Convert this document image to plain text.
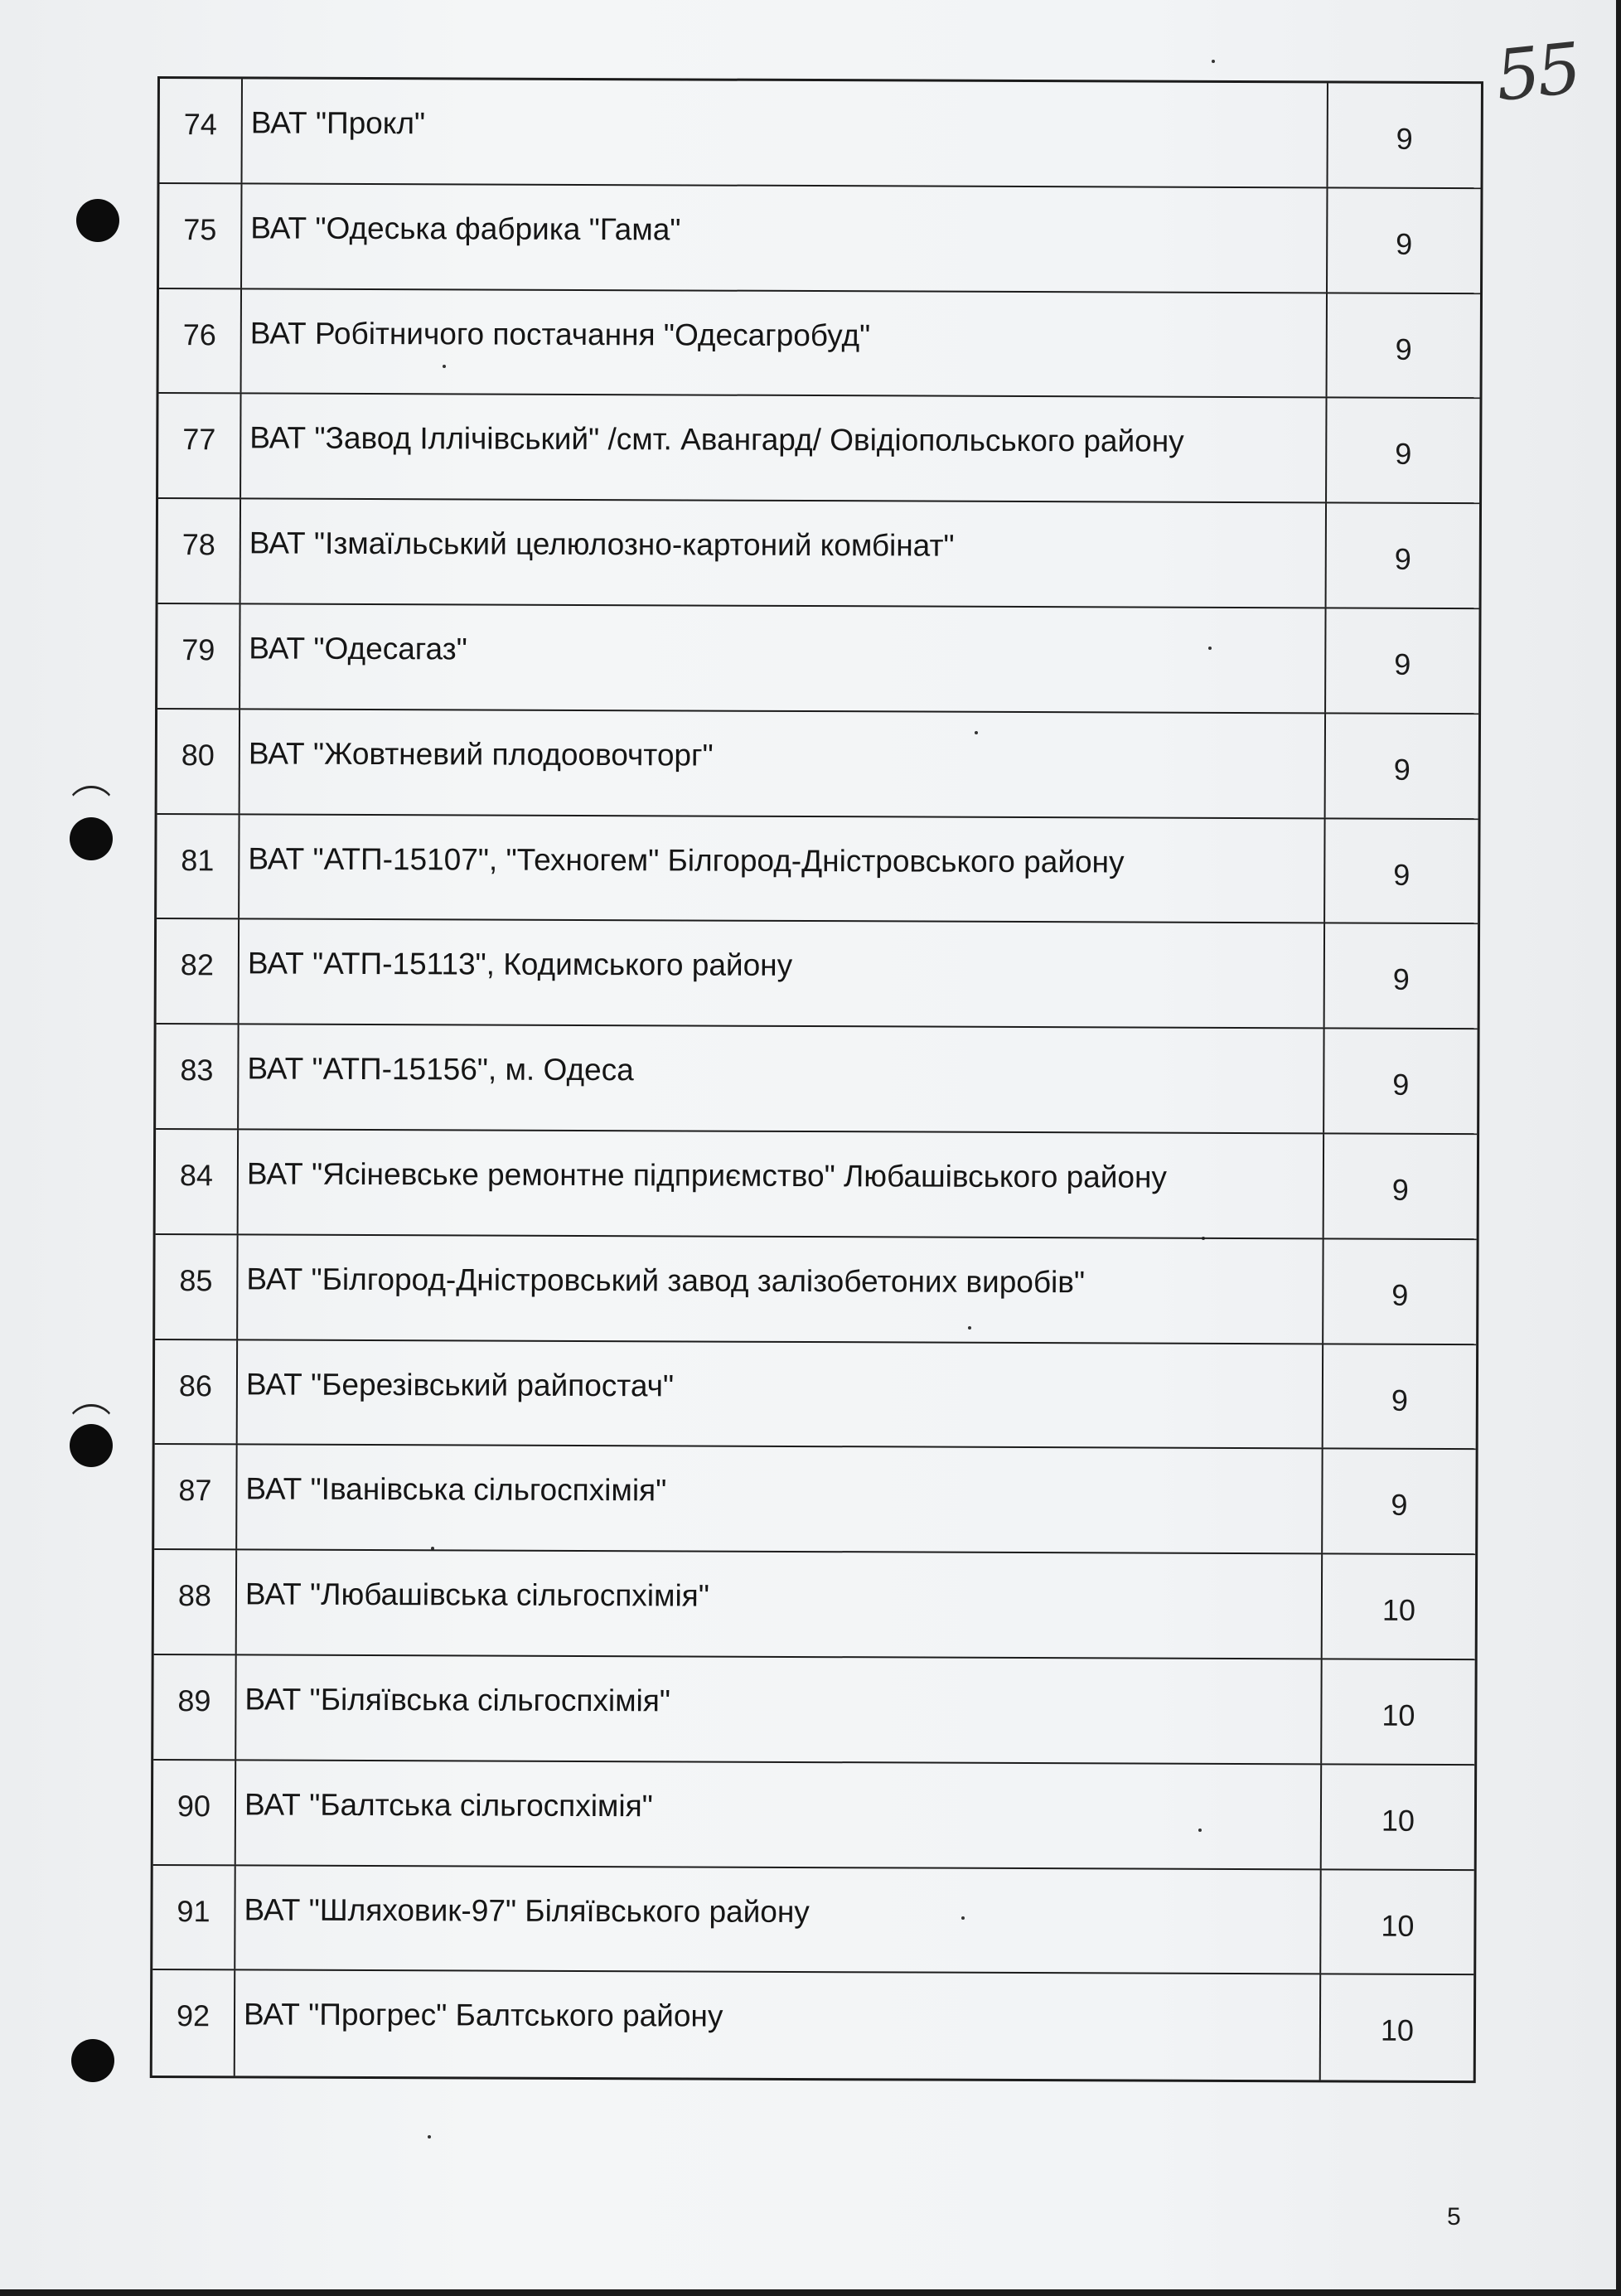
55
74	ВАТ "Прокл"	9
75	ВАТ "Одеська фабрика "Гама"	9
76	ВАТ Робітничого постачання "Одесагробуд"	9
77	ВАТ "Завод Іллічівський" /смт. Авангард/ Овідіопольського району	9
78	ВАТ "Ізмаїльський целюлозно-картоний комбінат"	9
79	ВАТ "Одесагаз"	9
80	ВАТ "Жовтневий плодоовочторг"	9
81	ВАТ "АТП-15107", "Техногем" Білгород-Дністровського району	9
82	ВАТ "АТП-15113", Кодимського району	9
83	ВАТ "АТП-15156", м. Одеса	9
84	ВАТ "Ясіневське ремонтне підприємство" Любашівського району	9
85	ВАТ "Білгород-Дністровський завод залізобетоних виробів"	9
86	ВАТ "Березівський райпостач"	9
87	ВАТ "Іванівська сільгоспхімія"	9
88	ВАТ "Любашівська сільгоспхімія"	10
89	ВАТ "Біляївська сільгоспхімія"	10
90	ВАТ "Балтська сільгоспхімія"	10
91	ВАТ "Шляховик-97" Біляївського району	10
92	ВАТ "Прогрес" Балтського району	10
5
